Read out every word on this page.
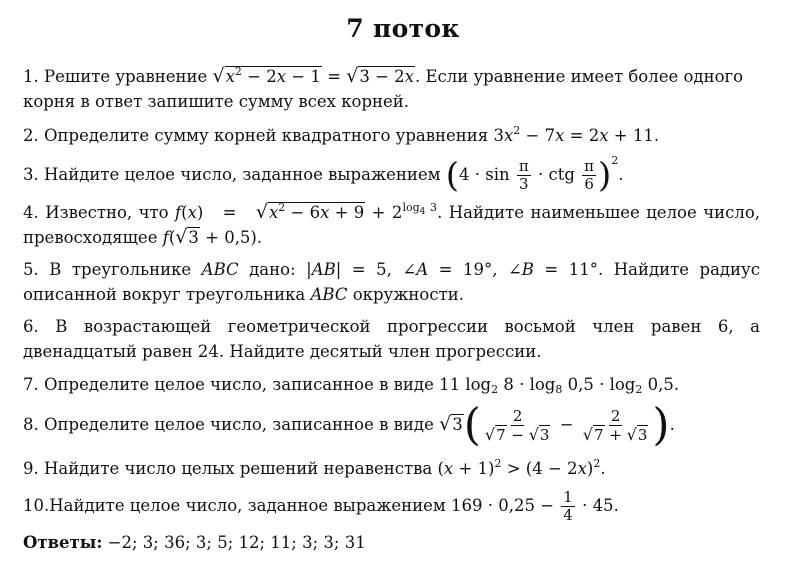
7 поток
1. Решите уравнение $√x^2 - 2x - 1 = √3 - 2x$. Если уравнение имеет более одного корня в ответ запишите сумму всех корней.
2. Определите сумму корней квадратного уравнения $3x^2 - 7x = 2x + 11$.
3. Найдите целое число, заданное выражением ($4 \cdot \sin \frac{\pi}{3}$ · ctg $\frac{\pi}{6} )^2$.
4. Известно, что $f(x) = √x^2 - 6x + 9 + 2^{log_4 3}$. Найдите наименьшее целое число, превосходящее f(√3 + 0,5).
5. В треугольнике ABC дано: |AB| = 5, ∠A = 19°, ∠B = 11°. Найдите радиус описанной вокруг треугольника ABC окружности.
6. В возрастающей геометрической прогрессии восьмой член равен 6, а двенадцатый равен 24. Найдите десятый член прогрессии.
7. Определите целое число, записанное в виде 11 $\log_2 8 \cdot \log_8 0,5 \cdot \log_2 0,5$.
8. Определите целое число, записанное в виде $√3( \frac{2}{√7 - √3} - \frac{2}{√7 + √3}$ ).
9. Найдите число целых решений неравенства $(x + 1)^2 > (4 - 2x)^2$.
10.Найдите целое число, заданное выражением $169 \cdot 0,25 - \frac{1}{4} \cdot 45$.
Ответы: −2; 3; 36; 3; 5; 12; 11; 3; 3; 31
